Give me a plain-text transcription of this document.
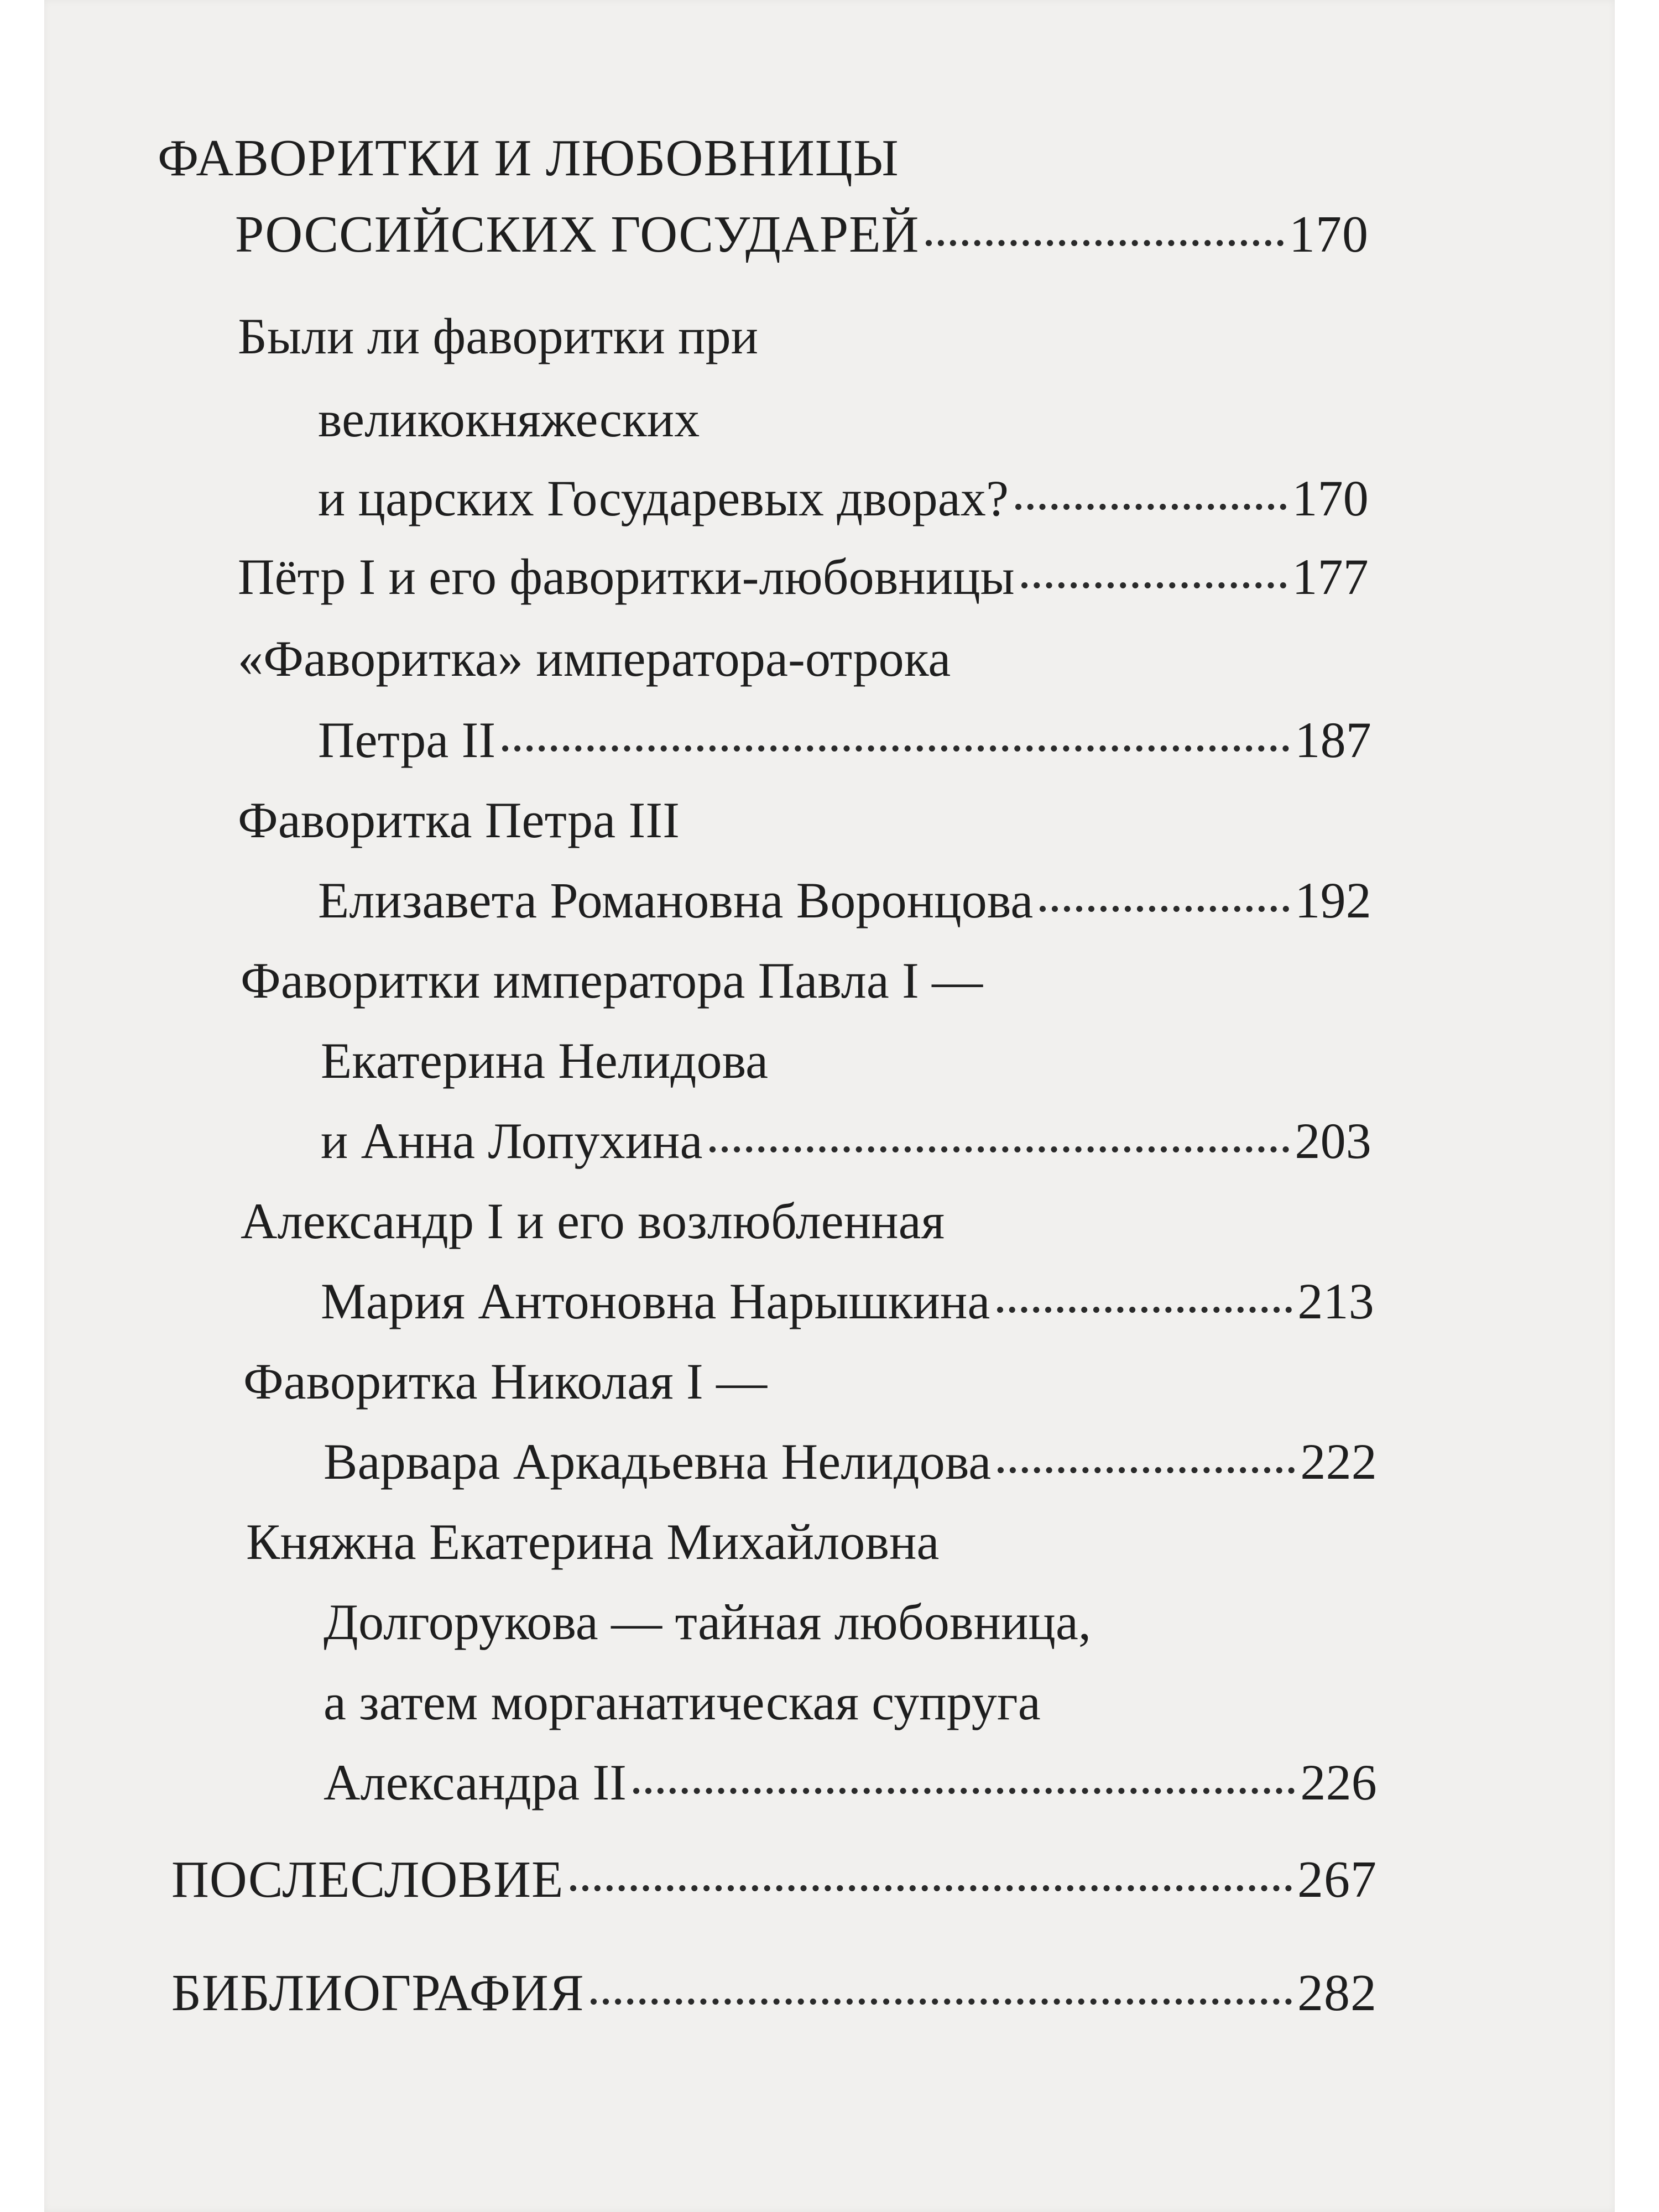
ФАВОРИТКИ И ЛЮБОВНИЦЫ
РОССИЙСКИХ ГОСУДАРЕЙ	170
Были ли фаворитки при
великокняжеских
и царских Государевых дворах?	170
Пётр I и его фаворитки-любовницы	177
«Фаворитка» императора-отрока
Петра II	187
Фаворитка Петра III
Елизавета Романовна Воронцова	192
Фаворитки императора Павла I —
Екатерина Нелидова
и Анна Лопухина	203
Александр I и его возлюбленная
Мария Антоновна Нарышкина	213
Фаворитка Николая I —
Варвара Аркадьевна Нелидова	222
Княжна Екатерина Михайловна
Долгорукова — тайная любовница,
а затем морганатическая супруга
Александра II	226
ПОСЛЕСЛОВИЕ	267
БИБЛИОГРАФИЯ	282
